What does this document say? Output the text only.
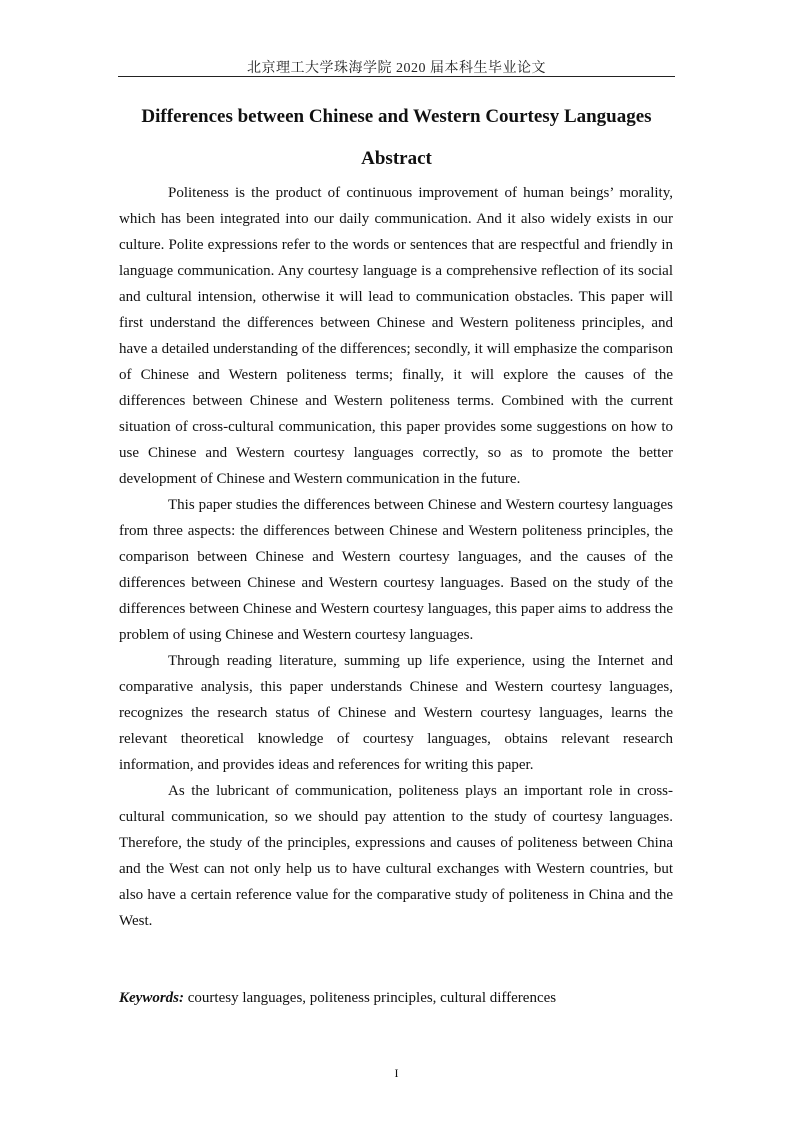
北京理工大学珠海学院 2020 届本科生毕业论文
Differences between Chinese and Western Courtesy Languages
Abstract

Politeness is the product of continuous improvement of human beings’ morality, which has been integrated into our daily communication. And it also widely exists in our culture. Polite expressions refer to the words or sentences that are respectful and friendly in language communication. Any courtesy language is a comprehensive reflection of its social and cultural intension, otherwise it will lead to communication obstacles. This paper will first understand the differences between Chinese and Western politeness principles, and have a detailed understanding of the differences; secondly, it will emphasize the comparison of Chinese and Western politeness terms; finally, it will explore the causes of the differences between Chinese and Western politeness terms. Combined with the current situation of cross-cultural communication, this paper provides some suggestions on how to use Chinese and Western courtesy languages correctly, so as to promote the better development of Chinese and Western communication in the future.

This paper studies the differences between Chinese and Western courtesy languages from three aspects: the differences between Chinese and Western politeness principles, the comparison between Chinese and Western courtesy languages, and the causes of the differences between Chinese and Western courtesy languages. Based on the study of the differences between Chinese and Western courtesy languages, this paper aims to address the problem of using Chinese and Western courtesy languages.

Through reading literature, summing up life experience, using the Internet and comparative analysis, this paper understands Chinese and Western courtesy languages, recognizes the research status of Chinese and Western courtesy languages, learns the relevant theoretical knowledge of courtesy languages, obtains relevant research information, and provides ideas and references for writing this paper.

As the lubricant of communication, politeness plays an important role in cross-cultural communication, so we should pay attention to the study of courtesy languages. Therefore, the study of the principles, expressions and causes of politeness between China and the West can not only help us to have cultural exchanges with Western countries, but also have a certain reference value for the comparative study of politeness in China and the West.

Keywords: courtesy languages, politeness principles, cultural differences
I
